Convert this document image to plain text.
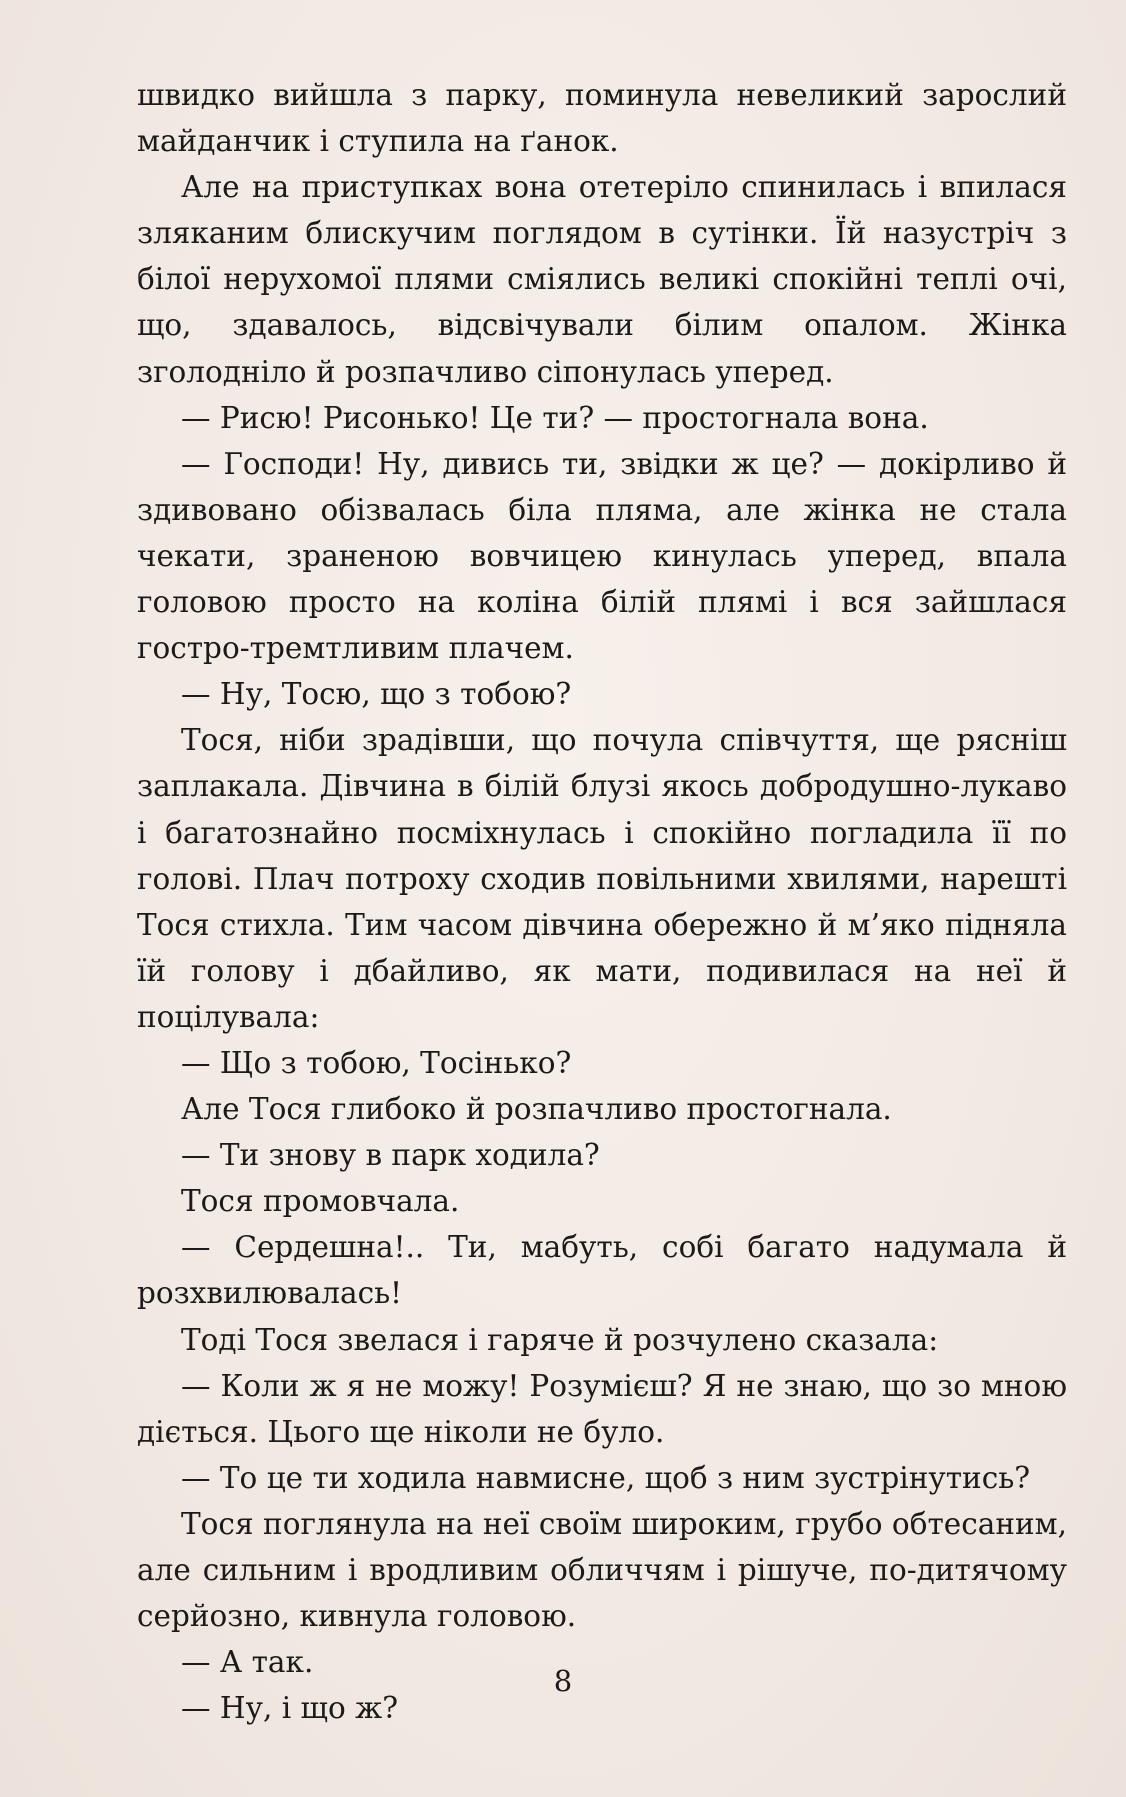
швидко вийшла з парку, поминула невеликий зарослий майданчик і ступила на ґанок.

Але на приступках вона отетеріло спинилась і впилася зляканим блискучим поглядом в сутінки. Їй назустріч з білої нерухомої плями сміялись великі спокійні теплі очі, що, здавалось, відсвічували білим опалом. Жінка зголодніло й розпачливо сіпонулась уперед.

— Рисю! Рисонько! Це ти? — простогнала вона.

— Господи! Ну, дивись ти, звідки ж це? — докірливо й здивовано обізвалась біла пляма, але жінка не стала чекати, зраненою вовчицею кинулась уперед, впала головою просто на коліна білій плямі і вся зайшлася гостро-тремтливим плачем.

— Ну, Тосю, що з тобою?

Тося, ніби зрадівши, що почула співчуття, ще рясніш заплакала. Дівчина в білій блузі якось добродушно-лукаво і багатознайно посміхнулась і спокійно погладила її по голові. Плач потроху сходив повільними хвилями, нарешті Тося стихла. Тим часом дівчина обережно й м’яко підняла їй голову і дбайливо, як мати, подивилася на неї й поцілувала:

— Що з тобою, Тосінько?

Але Тося глибоко й розпачливо простогнала.

— Ти знову в парк ходила?

Тося промовчала.

— Сердешна!.. Ти, мабуть, собі багато надумала й розхвилювалась!

Тоді Тося звелася і гаряче й розчулено сказала:

— Коли ж я не можу! Розумієш? Я не знаю, що зо мною діється. Цього ще ніколи не було.

— То це ти ходила навмисне, щоб з ним зустрінутись?

Тося поглянула на неї своїм широким, грубо обтесаним, але сильним і вродливим обличчям і рішуче, по-дитячому серйозно, кивнула головою.

— А так.

— Ну, і що ж?

8
